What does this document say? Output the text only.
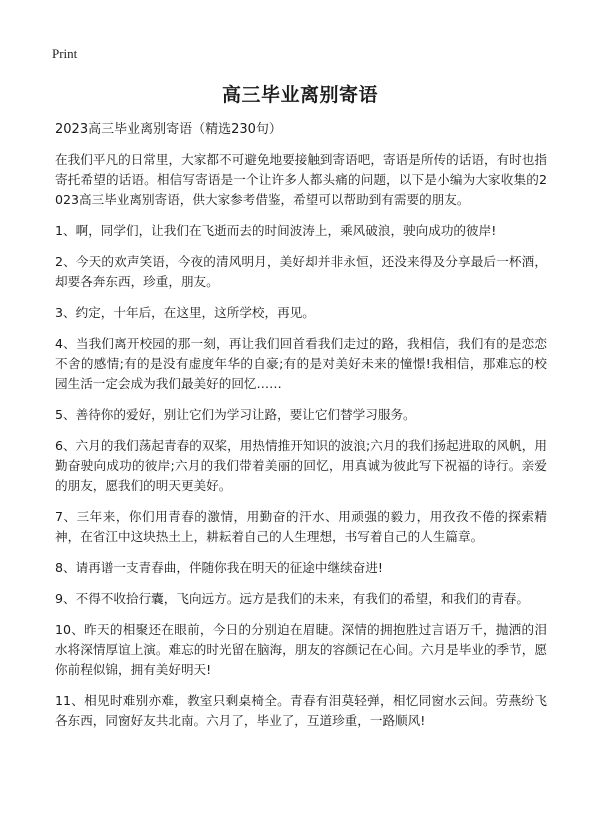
Print
高三毕业离别寄语

2023高三毕业离别寄语（精选230句）

在我们平凡的日常里，大家都不可避免地要接触到寄语吧，寄语是所传的话语，有时也指寄托希望的话语。相信写寄语是一个让许多人都头痛的问题，以下是小编为大家收集的2023高三毕业离别寄语，供大家参考借鉴，希望可以帮助到有需要的朋友。

1、啊，同学们，让我们在飞逝而去的时间波涛上，乘风破浪，驶向成功的彼岸!

2、今天的欢声笑语，今夜的清风明月，美好却并非永恒，还没来得及分享最后一杯酒，却要各奔东西，珍重，朋友。

3、约定，十年后，在这里，这所学校，再见。

4、当我们离开校园的那一刻，再让我们回首看我们走过的路，我相信，我们有的是恋恋不舍的感情;有的是没有虚度年华的自豪;有的是对美好未来的憧憬!我相信，那难忘的校园生活一定会成为我们最美好的回忆……

5、善待你的爱好，别让它们为学习让路，要让它们替学习服务。

6、六月的我们荡起青春的双桨，用热情推开知识的波浪;六月的我们扬起进取的风帆，用勤奋驶向成功的彼岸;六月的我们带着美丽的回忆，用真诚为彼此写下祝福的诗行。亲爱的朋友，愿我们的明天更美好。

7、三年来，你们用青春的激情，用勤奋的汗水、用顽强的毅力，用孜孜不倦的探索精神，在省江中这块热土上，耕耘着自己的人生理想，书写着自己的人生篇章。

8、请再谱一支青春曲，伴随你我在明天的征途中继续奋进!

9、不得不收拾行囊，飞向远方。远方是我们的未来，有我们的希望，和我们的青春。

10、昨天的相聚还在眼前，今日的分别迫在眉睫。深情的拥抱胜过言语万千，抛洒的泪水将深情厚谊上演。难忘的时光留在脑海，朋友的容颜记在心间。六月是毕业的季节，愿你前程似锦，拥有美好明天!

11、相见时难别亦难，教室只剩桌椅全。青春有泪莫轻弹，相忆同窗水云间。劳燕纷飞各东西，同窗好友共北南。六月了，毕业了，互道珍重，一路顺风!
